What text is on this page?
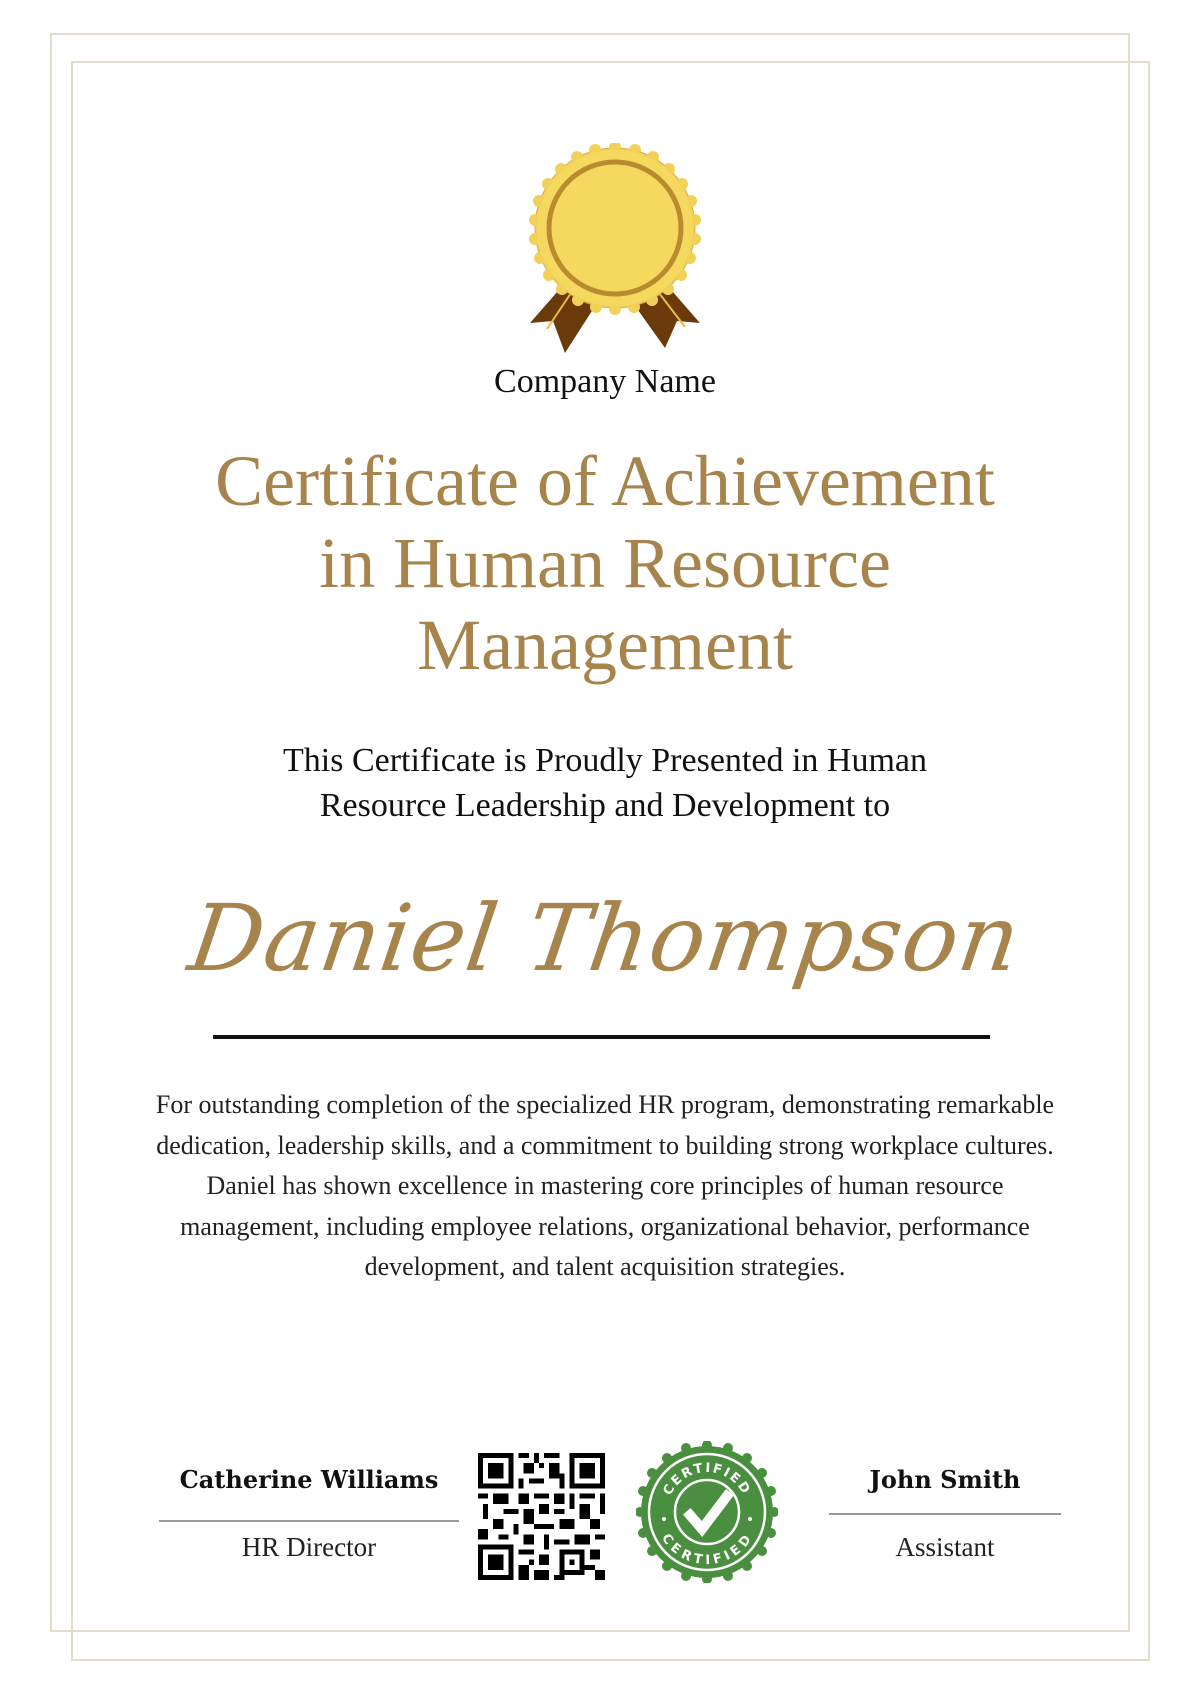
Company Name
Certificate of Achievement
in Human Resource
Management
This Certificate is Proudly Presented in Human
Resource Leadership and Development to
Daniel Thompson
For outstanding completion of the specialized HR program, demonstrating remarkable dedication, leadership skills, and a commitment to building strong workplace cultures. Daniel has shown excellence in mastering core principles of human resource management, including employee relations, organizational behavior, performance development, and talent acquisition strategies.
Catherine Williams
HR Director
CERTIFIED
CERTIFIED
John Smith
Assistant
